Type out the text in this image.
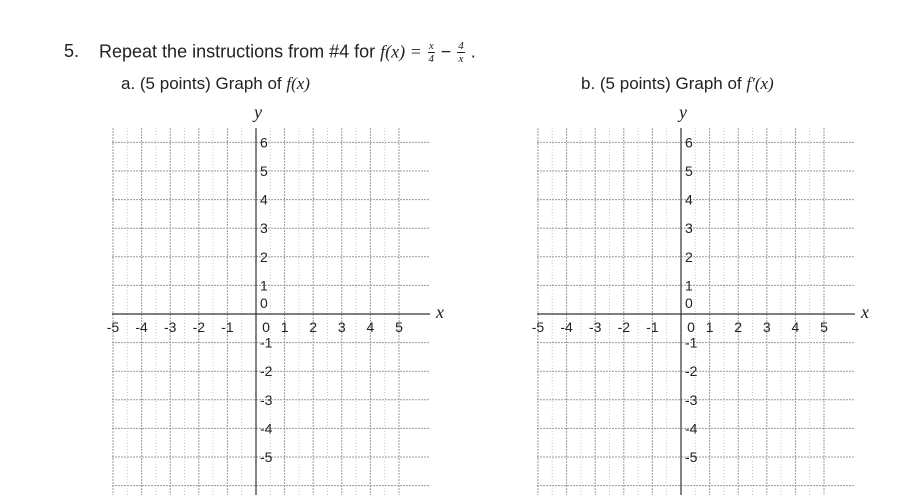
5. Repeat the instructions from #4 for $f(x) = \frac{x}{4} - \frac{4}{x}$ .
a. (5 points) Graph of f(x)	b. (5 points) Graph of f′(x)
-5 -4 -3 -2 -1 0 1 2 3 4 5
6
5
4
3
2
1
0
-1
-2
-3
-4
-5
y
x
-5 -4 -3 -2 -1 0 1 2 3 4 5
6
5
4
3
2
1
0
-1
-2
-3
-4
-5
y
x
